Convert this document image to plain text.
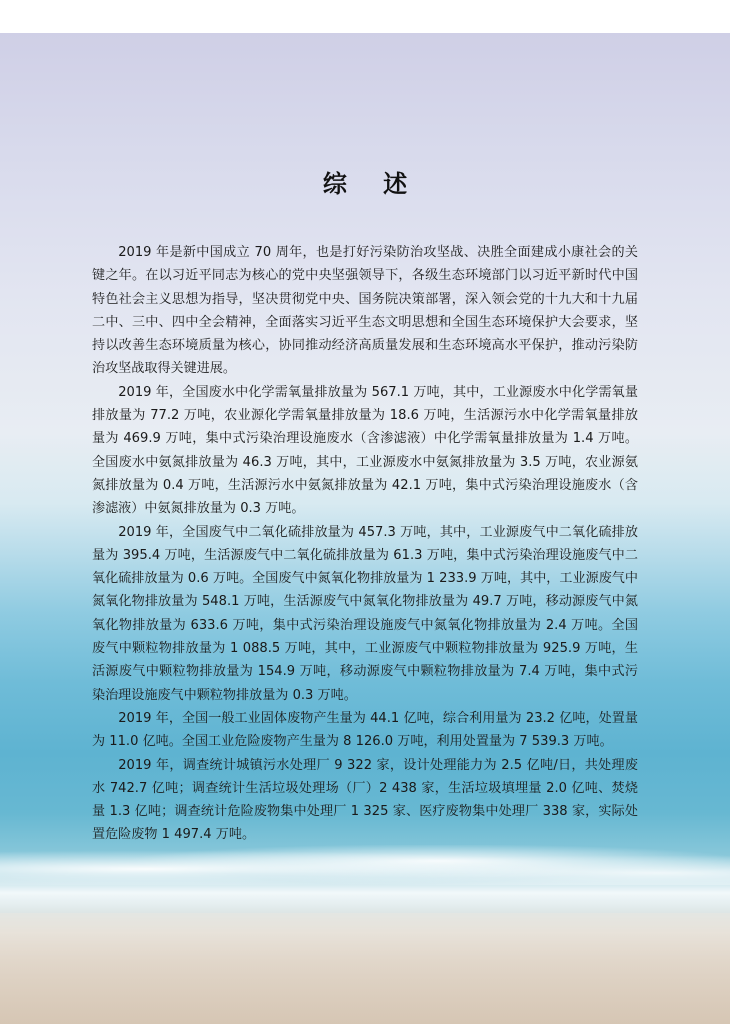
综 述

2019 年是新中国成立 70 周年，也是打好污染防治攻坚战、决胜全面建成小康社会的关键之年。在以习近平同志为核心的党中央坚强领导下，各级生态环境部门以习近平新时代中国特色社会主义思想为指导，坚决贯彻党中央、国务院决策部署，深入领会党的十九大和十九届二中、三中、四中全会精神，全面落实习近平生态文明思想和全国生态环境保护大会要求，坚持以改善生态环境质量为核心，协同推动经济高质量发展和生态环境高水平保护，推动污染防治攻坚战取得关键进展。

2019 年，全国废水中化学需氧量排放量为 567.1 万吨，其中，工业源废水中化学需氧量排放量为 77.2 万吨，农业源化学需氧量排放量为 18.6 万吨，生活源污水中化学需氧量排放量为 469.9 万吨，集中式污染治理设施废水（含渗滤液）中化学需氧量排放量为 1.4 万吨。全国废水中氨氮排放量为 46.3 万吨，其中，工业源废水中氨氮排放量为 3.5 万吨，农业源氨氮排放量为 0.4 万吨，生活源污水中氨氮排放量为 42.1 万吨，集中式污染治理设施废水（含渗滤液）中氨氮排放量为 0.3 万吨。

2019 年，全国废气中二氧化硫排放量为 457.3 万吨，其中，工业源废气中二氧化硫排放量为 395.4 万吨，生活源废气中二氧化硫排放量为 61.3 万吨，集中式污染治理设施废气中二氧化硫排放量为 0.6 万吨。全国废气中氮氧化物排放量为 1 233.9 万吨，其中，工业源废气中氮氧化物排放量为 548.1 万吨，生活源废气中氮氧化物排放量为 49.7 万吨，移动源废气中氮氧化物排放量为 633.6 万吨，集中式污染治理设施废气中氮氧化物排放量为 2.4 万吨。全国废气中颗粒物排放量为 1 088.5 万吨，其中，工业源废气中颗粒物排放量为 925.9 万吨，生活源废气中颗粒物排放量为 154.9 万吨，移动源废气中颗粒物排放量为 7.4 万吨，集中式污染治理设施废气中颗粒物排放量为 0.3 万吨。

2019 年，全国一般工业固体废物产生量为 44.1 亿吨，综合利用量为 23.2 亿吨，处置量为 11.0 亿吨。全国工业危险废物产生量为 8 126.0 万吨，利用处置量为 7 539.3 万吨。

2019 年，调查统计城镇污水处理厂 9 322 家，设计处理能力为 2.5 亿吨/日，共处理废水 742.7 亿吨；调查统计生活垃圾处理场（厂）2 438 家，生活垃圾填埋量 2.0 亿吨、焚烧量 1.3 亿吨；调查统计危险废物集中处理厂 1 325 家、医疗废物集中处理厂 338 家，实际处置危险废物 1 497.4 万吨。
